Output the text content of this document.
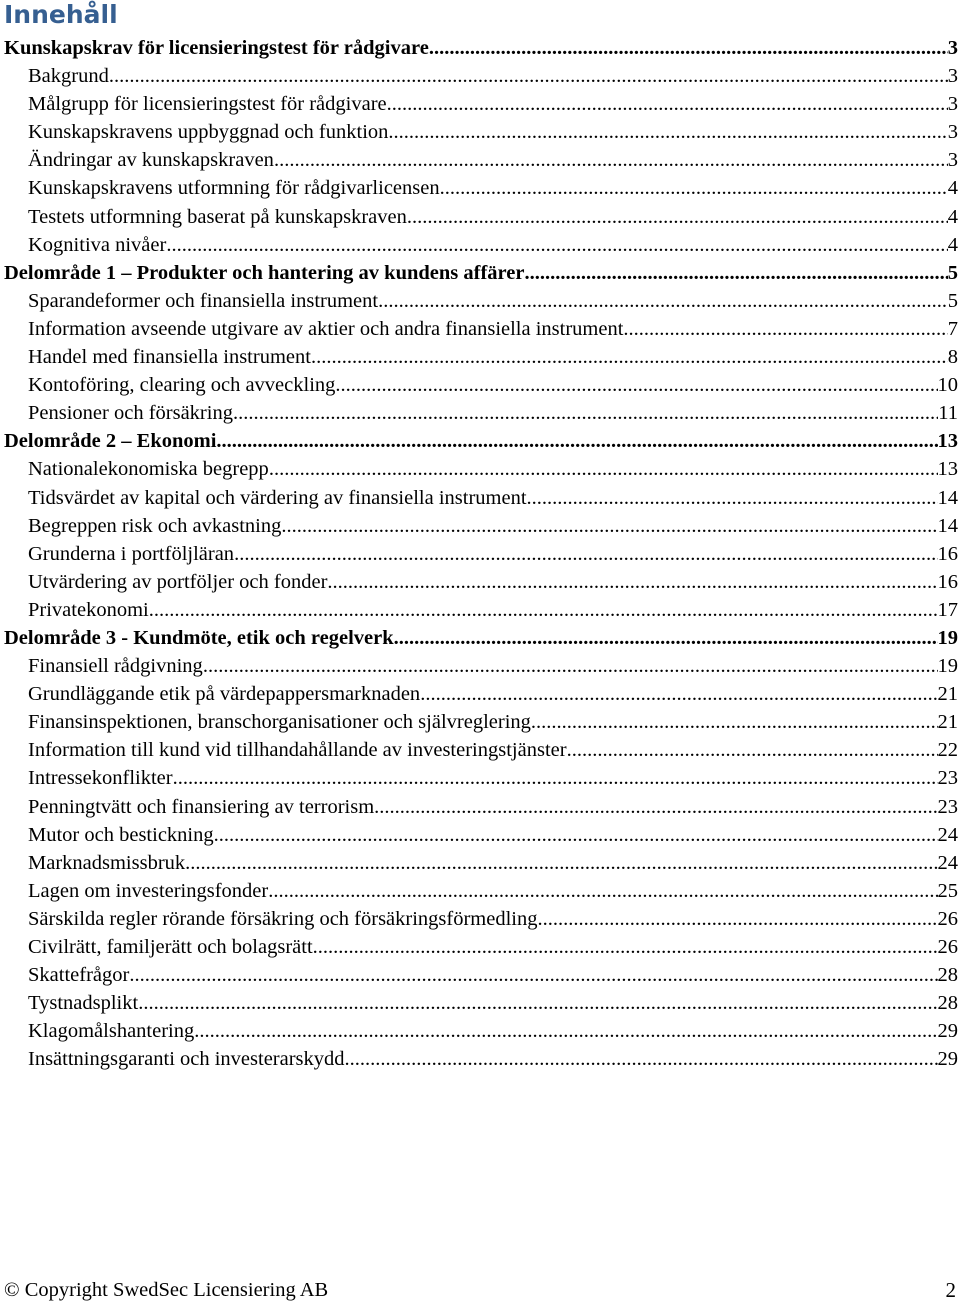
Innehåll
Kunskapskrav för licensieringstest för rådgivare .....	3
Bakgrund .....	3
Målgrupp för licensieringstest för rådgivare .....	3
Kunskapskravens uppbyggnad och funktion .....	3
Ändringar av kunskapskraven .....	3
Kunskapskravens utformning för rådgivarlicensen .....	4
Testets utformning baserat på kunskapskraven .....	4
Kognitiva nivåer .....	4
Delområde 1 – Produkter och hantering av kundens affärer .....	5
Sparandeformer och finansiella instrument .....	5
Information avseende utgivare av aktier och andra finansiella instrument .....	7
Handel med finansiella instrument .....	8
Kontoföring, clearing och avveckling .....	10
Pensioner och försäkring .....	11
Delområde 2 – Ekonomi .....	13
Nationalekonomiska begrepp .....	13
Tidsvärdet av kapital och värdering av finansiella instrument .....	14
Begreppen risk och avkastning .....	14
Grunderna i portföljläran .....	16
Utvärdering av portföljer och fonder .....	16
Privatekonomi .....	17
Delområde 3 - Kundmöte, etik och regelverk .....	19
Finansiell rådgivning .....	19
Grundläggande etik på värdepappersmarknaden .....	21
Finansinspektionen, branschorganisationer och självreglering .....	21
Information till kund vid tillhandahållande av investeringstjänster .....	22
Intressekonflikter .....	23
Penningtvätt och finansiering av terrorism .....	23
Mutor och bestickning .....	24
Marknadsmissbruk .....	24
Lagen om investeringsfonder .....	25
Särskilda regler rörande försäkring och försäkringsförmedling .....	26
Civilrätt, familjerätt och bolagsrätt .....	26
Skattefrågor .....	28
Tystnadsplikt .....	28
Klagomålshantering .....	29
Insättningsgaranti och investerarskydd .....	29
© Copyright SwedSec Licensiering AB	2
